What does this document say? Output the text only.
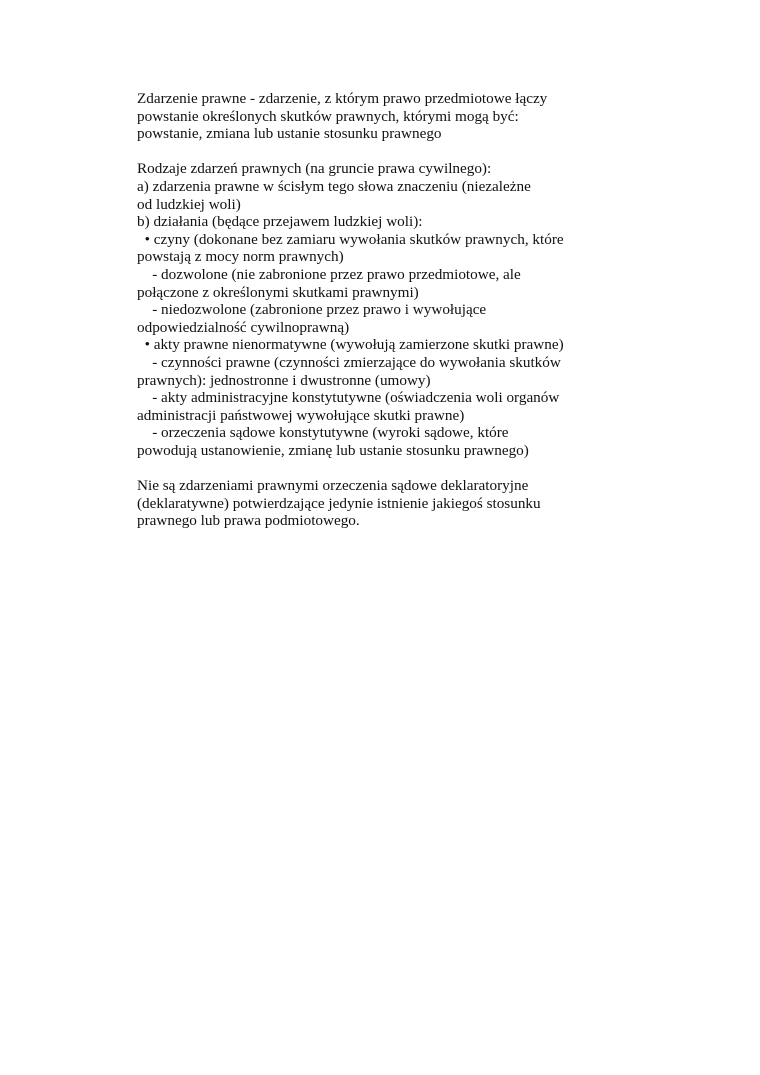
Zdarzenie prawne - zdarzenie, z którym prawo przedmiotowe łączy
powstanie określonych skutków prawnych, którymi mogą być:
powstanie, zmiana lub ustanie stosunku prawnego
Rodzaje zdarzeń prawnych (na gruncie prawa cywilnego):
a) zdarzenia prawne w ścisłym tego słowa znaczeniu (niezależne
od ludzkiej woli)
b) działania (będące przejawem ludzkiej woli):
• czyny (dokonane bez zamiaru wywołania skutków prawnych, które
powstają z mocy norm prawnych)
- dozwolone (nie zabronione przez prawo przedmiotowe, ale
połączone z określonymi skutkami prawnymi)
- niedozwolone (zabronione przez prawo i wywołujące
odpowiedzialność cywilnoprawną)
• akty prawne nienormatywne (wywołują zamierzone skutki prawne)
- czynności prawne (czynności zmierzające do wywołania skutków
prawnych): jednostronne i dwustronne (umowy)
- akty administracyjne konstytutywne (oświadczenia woli organów
administracji państwowej wywołujące skutki prawne)
- orzeczenia sądowe konstytutywne (wyroki sądowe, które
powodują ustanowienie, zmianę lub ustanie stosunku prawnego)
Nie są zdarzeniami prawnymi orzeczenia sądowe deklaratoryjne
(deklaratywne) potwierdzające jedynie istnienie jakiegoś stosunku
prawnego lub prawa podmiotowego.
